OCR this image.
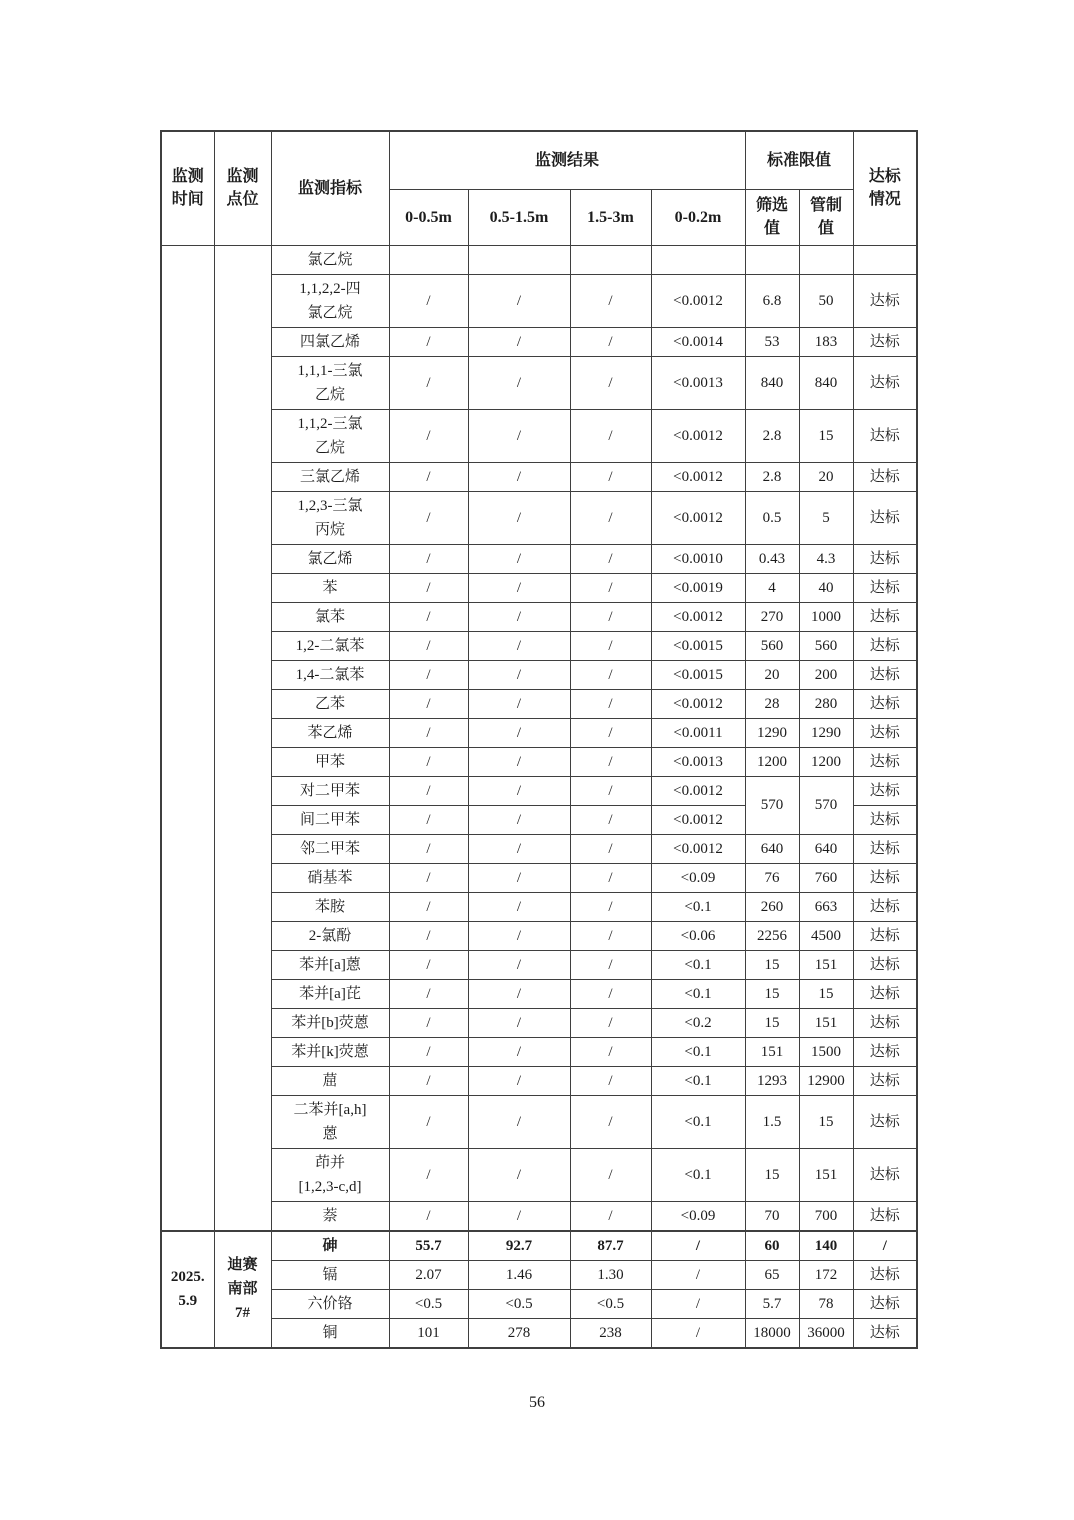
监测
时间	监测
点位	监测指标	监测结果				标准限值		达标
情况
			0-0.5m	0.5-1.5m	1.5-3m	0-0.2m	筛选
值	管制
值	
		氯乙烷							
		1,1,2,2-四
氯乙烷	/	/	/	<0.0012	6.8	50	达标
		四氯乙烯	/	/	/	<0.0014	53	183	达标
		1,1,1-三氯
乙烷	/	/	/	<0.0013	840	840	达标
		1,1,2-三氯
乙烷	/	/	/	<0.0012	2.8	15	达标
		三氯乙烯	/	/	/	<0.0012	2.8	20	达标
		1,2,3-三氯
丙烷	/	/	/	<0.0012	0.5	5	达标
		氯乙烯	/	/	/	<0.0010	0.43	4.3	达标
		苯	/	/	/	<0.0019	4	40	达标
		氯苯	/	/	/	<0.0012	270	1000	达标
		1,2-二氯苯	/	/	/	<0.0015	560	560	达标
		1,4-二氯苯	/	/	/	<0.0015	20	200	达标
		乙苯	/	/	/	<0.0012	28	280	达标
		苯乙烯	/	/	/	<0.0011	1290	1290	达标
		甲苯	/	/	/	<0.0013	1200	1200	达标
		对二甲苯	/	/	/	<0.0012	570	570	达标
		间二甲苯	/	/	/	<0.0012			达标
		邻二甲苯	/	/	/	<0.0012	640	640	达标
		硝基苯	/	/	/	<0.09	76	760	达标
		苯胺	/	/	/	<0.1	260	663	达标
		2-氯酚	/	/	/	<0.06	2256	4500	达标
		苯并[a]蒽	/	/	/	<0.1	15	151	达标
		苯并[a]芘	/	/	/	<0.1	15	15	达标
		苯并[b]荧蒽	/	/	/	<0.2	15	151	达标
		苯并[k]荧蒽	/	/	/	<0.1	151	1500	达标
		䓛	/	/	/	<0.1	1293	12900	达标
		二苯并[a,h]
蒽	/	/	/	<0.1	1.5	15	达标
		茚并
[1,2,3-c,d]	/	/	/	<0.1	15	151	达标
		萘	/	/	/	<0.09	70	700	达标
2025.
5.9	迪赛
南部
7#	砷	55.7	92.7	87.7	/	60	140	/
		镉	2.07	1.46	1.30	/	65	172	达标
		六价铬	<0.5	<0.5	<0.5	/	5.7	78	达标
		铜	101	278	238	/	18000	36000	达标
56
